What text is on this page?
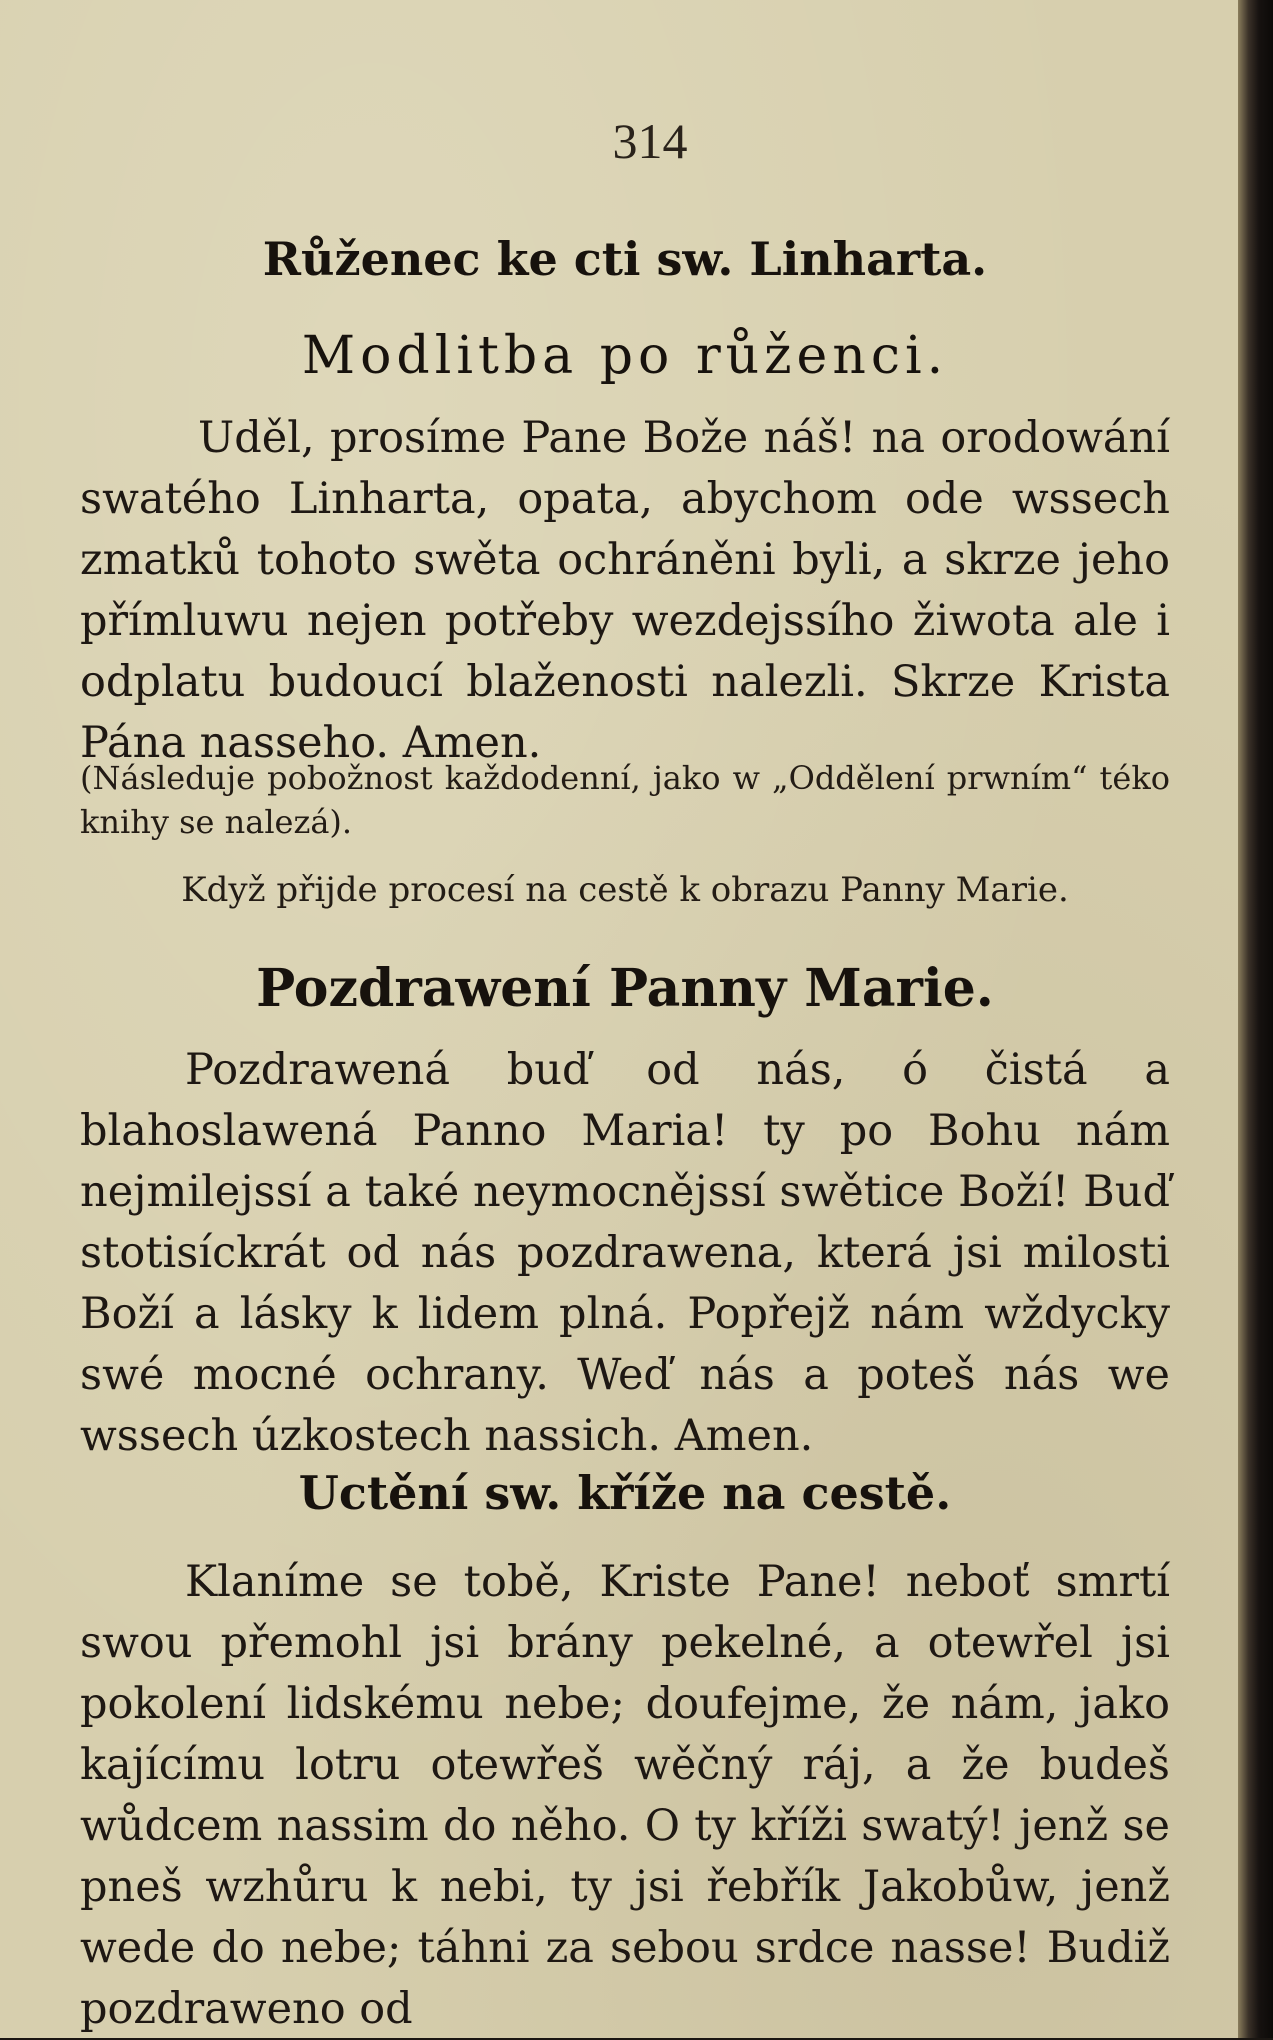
314
Růženec ke cti sw. Linharta.
Modlitba po růženci.
Uděl, prosíme Pane Bože náš! na orodowání swatého Linharta, opata, abychom ode wssech zmatků tohoto swěta ochráněni byli, a skrze jeho přímluwu nejen potřeby wezdejssího žiwota ale i odplatu budoucí blaženosti nalezli. Skrze Krista Pána nasseho. Amen.
(Následuje pobožnost každodenní, jako w „Oddělení prwním“ téko knihy se nalezá).
Když přijde procesí na cestě k obrazu Panny Marie.
Pozdrawení Panny Marie.
Pozdrawená buď od nás, ó čistá a blahoslawená Panno Maria! ty po Bohu nám nejmilejssí a také neymocnějssí swětice Boží! Buď stotisíckrát od nás pozdrawena, která jsi milosti Boží a lásky k lidem plná. Popřejž nám wždycky swé mocné ochrany. Weď nás a poteš nás we wssech úzkostech nassich. Amen.
Uctění sw. kříže na cestě.
Klaníme se tobě, Kriste Pane! neboť smrtí swou přemohl jsi brány pekelné, a otewřel jsi pokolení lidskému nebe; doufejme, že nám, jako kajícímu lotru otewřeš wěčný ráj, a že budeš wůdcem nassim do něho. O ty kříži swatý! jenž se pneš wzhůru k nebi, ty jsi řebřík Jakobůw, jenž wede do nebe; táhni za sebou srdce nasse! Budiž pozdraweno od
